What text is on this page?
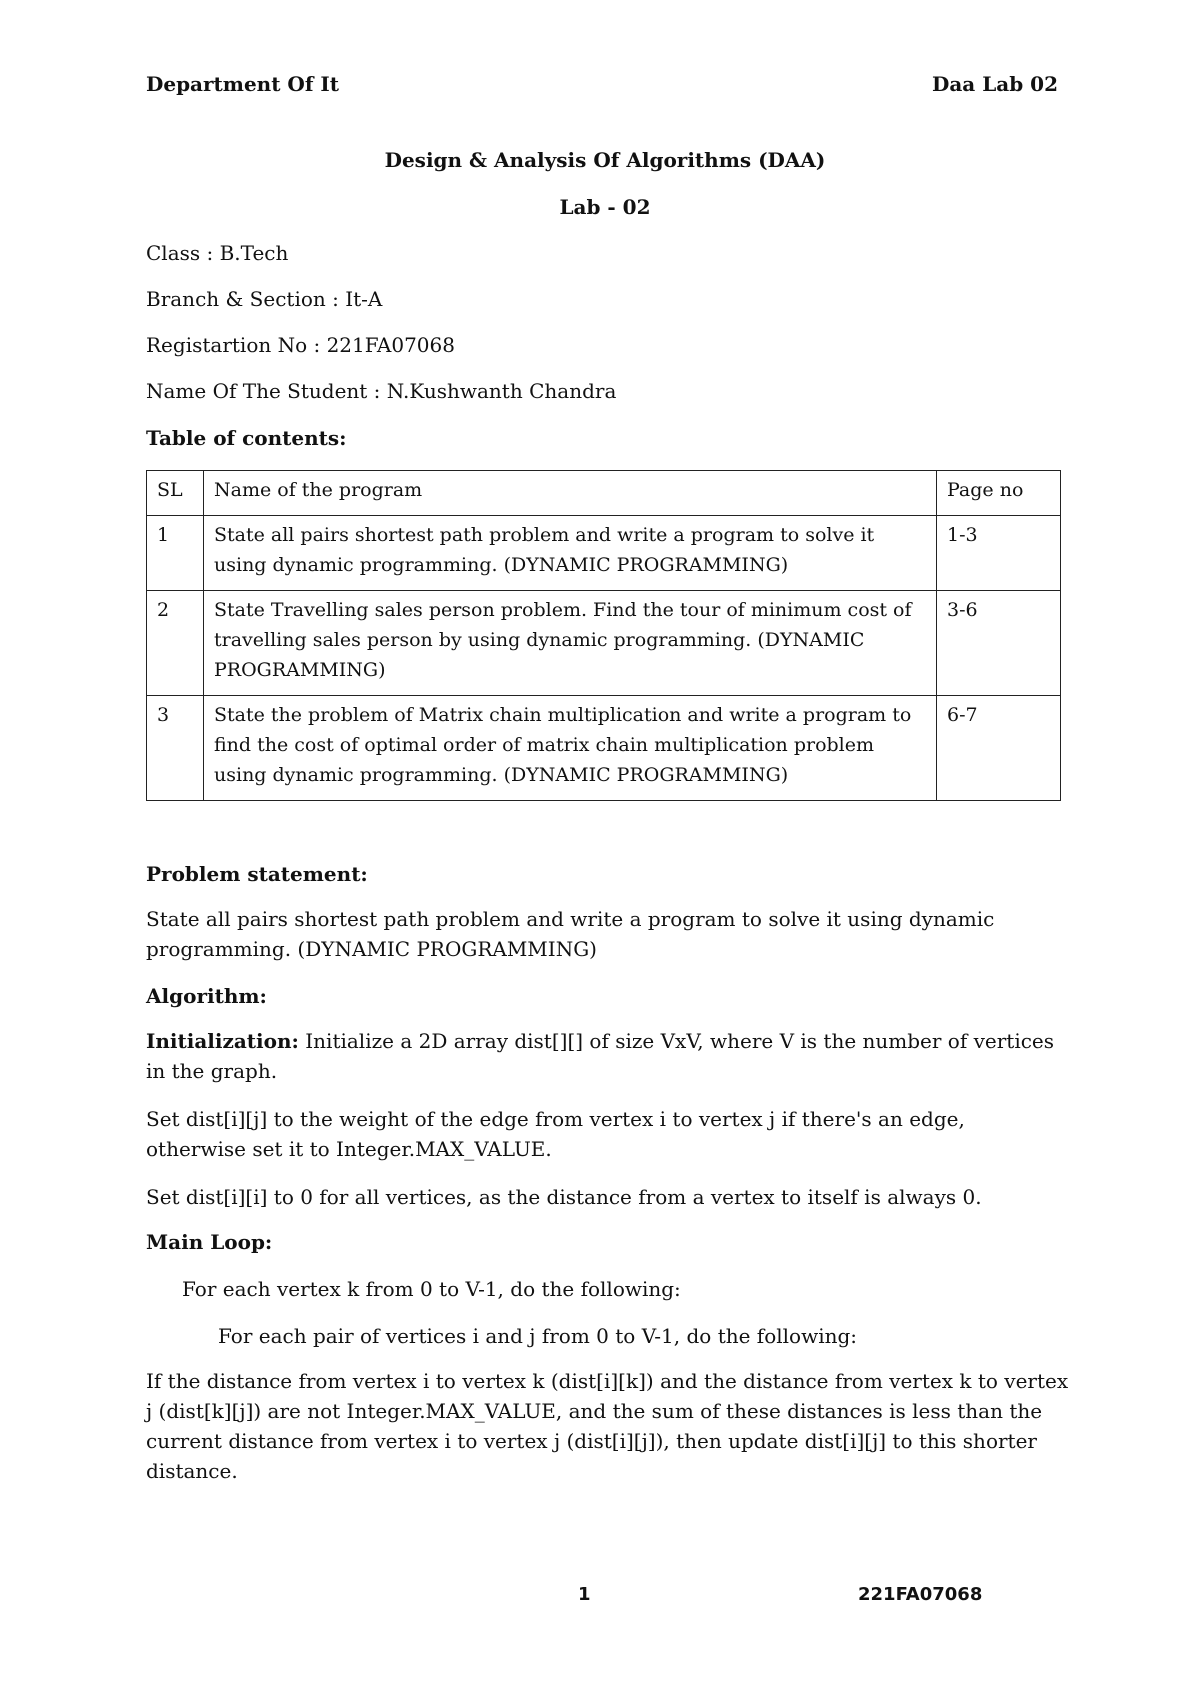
Department Of It	Daa Lab 02
Design & Analysis Of Algorithms (DAA)
Lab - 02
Class : B.Tech
Branch & Section : It-A
Registartion No : 221FA07068
Name Of The Student : N.Kushwanth Chandra
Table of contents:
SL	Name of the program	Page no
1	State all pairs shortest path problem and write a program to solve it using dynamic programming. (DYNAMIC PROGRAMMING)	1-3
2	State Travelling sales person problem. Find the tour of minimum cost of travelling sales person by using dynamic programming. (DYNAMIC PROGRAMMING)	3-6
3	State the problem of Matrix chain multiplication and write a program to find the cost of optimal order of matrix chain multiplication problem using dynamic programming. (DYNAMIC PROGRAMMING)	6-7
Problem statement:
State all pairs shortest path problem and write a program to solve it using dynamic programming. (DYNAMIC PROGRAMMING)
Algorithm:
Initialization: Initialize a 2D array dist[][] of size VxV, where V is the number of vertices in the graph.
Set dist[i][j] to the weight of the edge from vertex i to vertex j if there's an edge, otherwise set it to Integer.MAX_VALUE.
Set dist[i][i] to 0 for all vertices, as the distance from a vertex to itself is always 0.
Main Loop:
For each vertex k from 0 to V-1, do the following:
For each pair of vertices i and j from 0 to V-1, do the following:
If the distance from vertex i to vertex k (dist[i][k]) and the distance from vertex k to vertex j (dist[k][j]) are not Integer.MAX_VALUE, and the sum of these distances is less than the current distance from vertex i to vertex j (dist[i][j]), then update dist[i][j] to this shorter distance.
1	221FA07068
